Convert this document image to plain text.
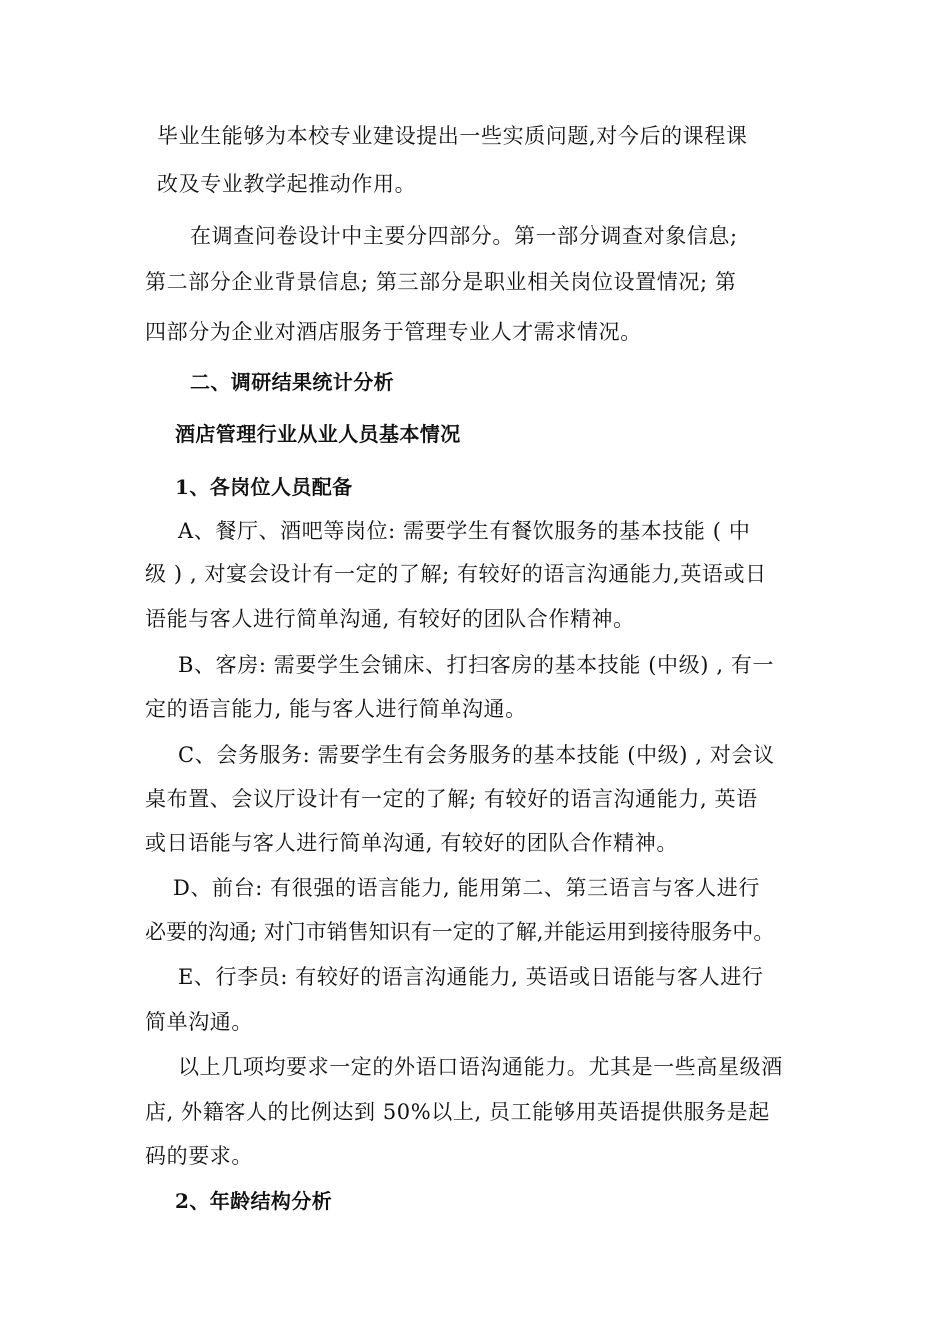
毕业生能够为本校专业建设提出一些实质问题,对今后的课程课

改及专业教学起推动作用。

在调查问卷设计中主要分四部分。第一部分调查对象信息;

第二部分企业背景信息; 第三部分是职业相关岗位设置情况; 第

四部分为企业对酒店服务于管理专业人才需求情况。

二、调研结果统计分析
酒店管理行业从业人员基本情况
1、各岗位人员配备

A、餐厅、酒吧等岗位: 需要学生有餐饮服务的基本技能 ( 中

级 ) , 对宴会设计有一定的了解; 有较好的语言沟通能力,英语或日

语能与客人进行简单沟通, 有较好的团队合作精神。

B、客房: 需要学生会铺床、打扫客房的基本技能 (中级) , 有一

定的语言能力, 能与客人进行简单沟通。

C、会务服务: 需要学生有会务服务的基本技能 (中级) , 对会议

桌布置、会议厅设计有一定的了解; 有较好的语言沟通能力, 英语

或日语能与客人进行简单沟通, 有较好的团队合作精神。

D、前台: 有很强的语言能力, 能用第二、第三语言与客人进行

必要的沟通; 对门市销售知识有一定的了解,并能运用到接待服务中。

E、行李员: 有较好的语言沟通能力, 英语或日语能与客人进行

简单沟通。

以上几项均要求一定的外语口语沟通能力。尤其是一些高星级酒

店, 外籍客人的比例达到 50%以上, 员工能够用英语提供服务是起

码的要求。

2、年龄结构分析
